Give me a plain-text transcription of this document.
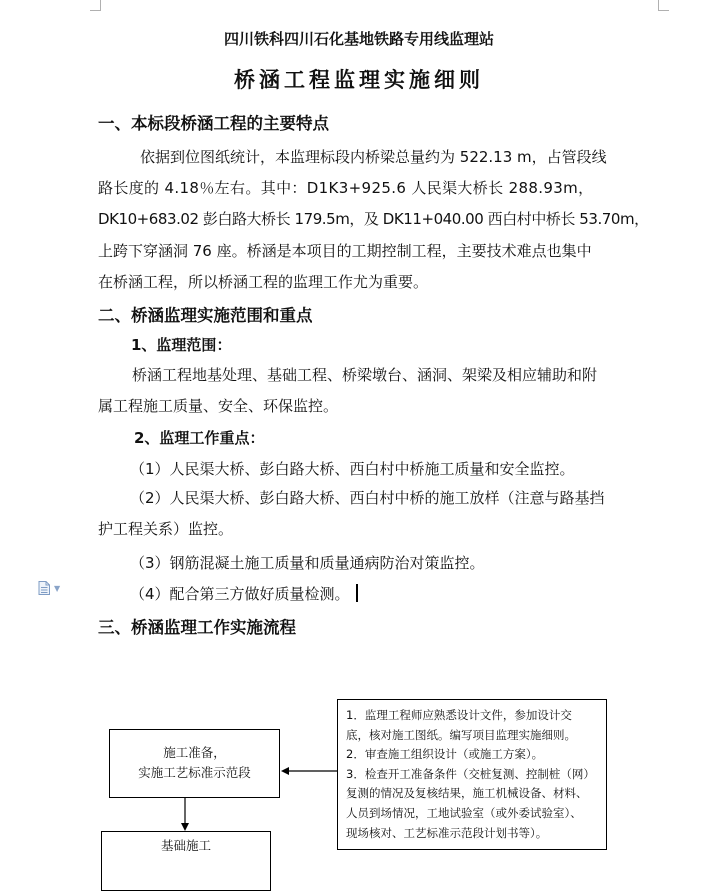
四川铁科四川石化基地铁路专用线监理站
桥涵工程监理实施细则
一、本标段桥涵工程的主要特点
依据到位图纸统计，本监理标段内桥梁总量约为 522.13 m，占管段线
路长度的 4.18％左右。其中：D1K3+925.6 人民渠大桥长 288.93m，
DK10+683.02 彭白路大桥长 179.5m，及 DK11+040.00 西白村中桥长 53.70m，
上跨下穿涵洞 76 座。桥涵是本项目的工期控制工程，主要技术难点也集中
在桥涵工程，所以桥涵工程的监理工作尤为重要。
二、桥涵监理实施范围和重点
1、监理范围：
桥涵工程地基处理、基础工程、桥梁墩台、涵洞、架梁及相应辅助和附
属工程施工质量、安全、环保监控。
2、监理工作重点：
（1）人民渠大桥、彭白路大桥、西白村中桥施工质量和安全监控。
（2）人民渠大桥、彭白路大桥、西白村中桥的施工放样（注意与路基挡
护工程关系）监控。
（3）钢筋混凝土施工质量和质量通病防治对策监控。
（4）配合第三方做好质量检测。
▼
三、桥涵监理工作实施流程
施工准备，
实施工艺标准示范段
1．监理工程师应熟悉设计文件，参加设计交
底，核对施工图纸。编写项目监理实施细则。
2．审查施工组织设计（或施工方案）。
3．检查开工准备条件（交桩复测、控制桩（网）
复测的情况及复核结果，施工机械设备、材料、
人员到场情况，工地试验室（或外委试验室）、
现场核对、工艺标准示范段计划书等）。
基础施工
